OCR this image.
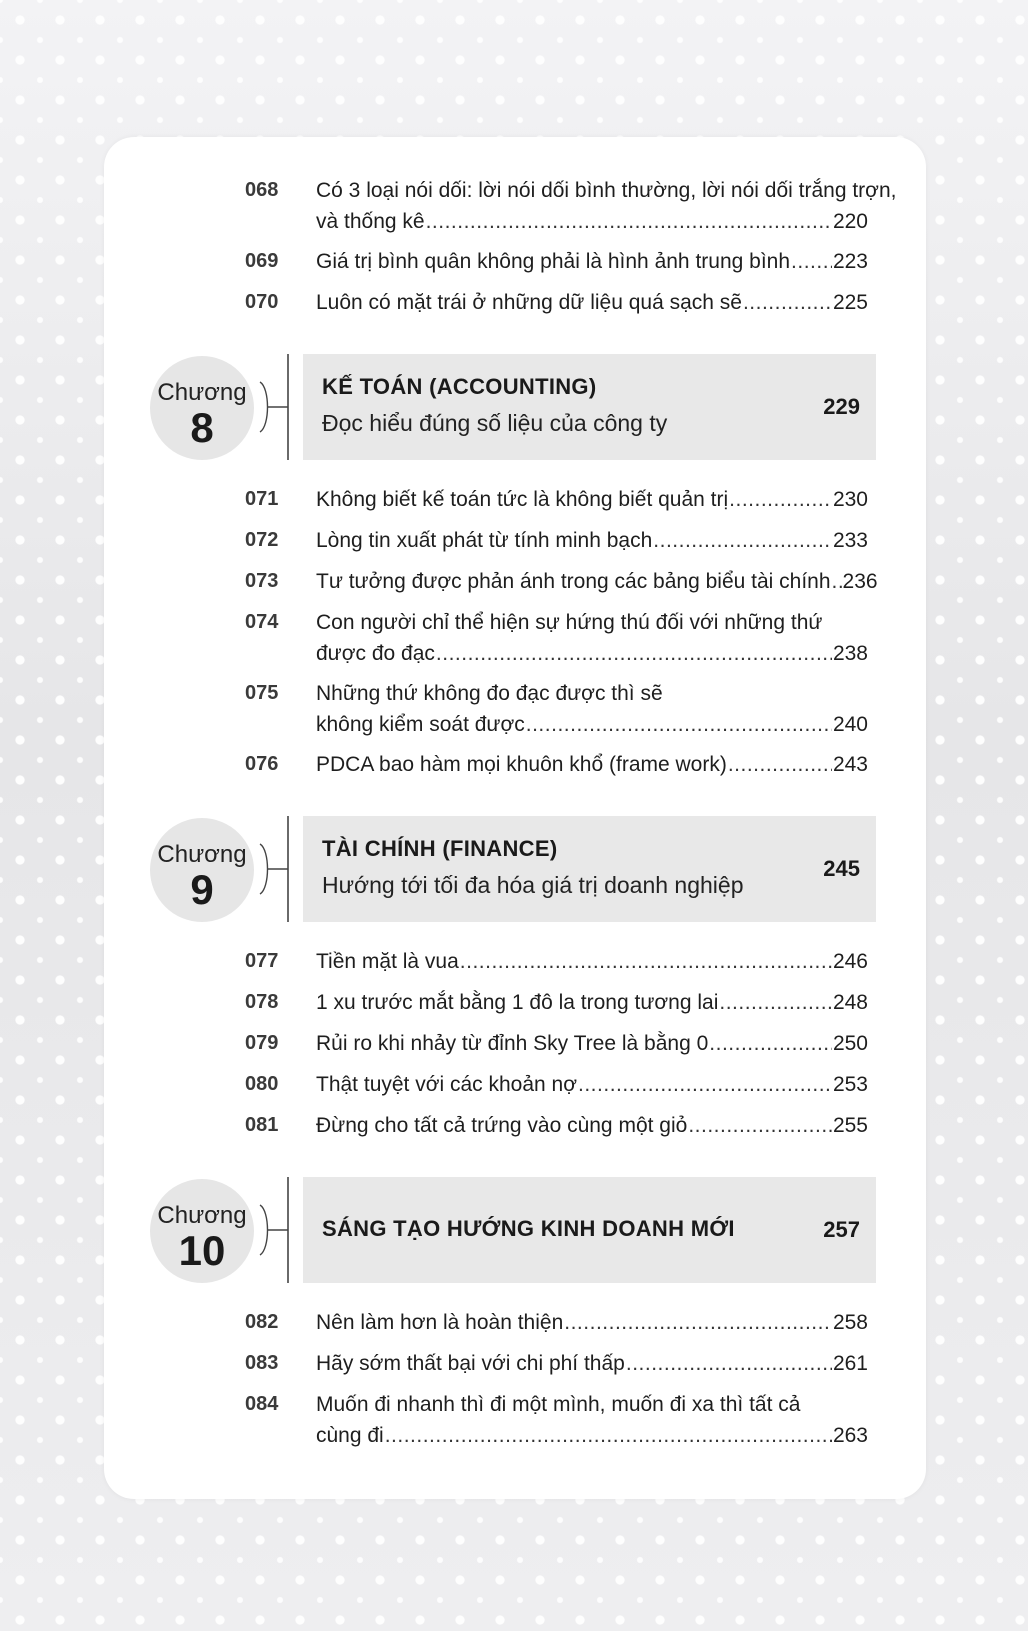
068	Có 3 loại nói dối: lời nói dối bình thường, lời nói dối trắng trợn,
và thống kê .....	220
069	Giá trị bình quân không phải là hình ảnh trung bình ..... 223
070	Luôn có mặt trái ở những dữ liệu quá sạch sẽ .....	225
Chương
8
KẾ TOÁN (ACCOUNTING)
Đọc hiểu đúng số liệu của công ty
229
071	Không biết kế toán tức là không biết quản trị .....	230
072	Lòng tin xuất phát từ tính minh bạch .....	233
073	Tư tưởng được phản ánh trong các bảng biểu tài chính ..... 236
074	Con người chỉ thể hiện sự hứng thú đối với những thứ
được đo đạc .....	238
075	Những thứ không đo đạc được thì sẽ
không kiểm soát được .....	240
076	PDCA bao hàm mọi khuôn khổ (frame work) .....	243
Chương
9
TÀI CHÍNH (FINANCE)
Hướng tới tối đa hóa giá trị doanh nghiệp
245
077	Tiền mặt là vua .....	246
078	1 xu trước mắt bằng 1 đô la trong tương lai .....	248
079	Rủi ro khi nhảy từ đỉnh Sky Tree là bằng 0 .....	250
080	Thật tuyệt với các khoản nợ .....	253
081	Đừng cho tất cả trứng vào cùng một giỏ .....	255
Chương
10	SÁNG TẠO HƯỚNG KINH DOANH MỚI	257
082	Nên làm hơn là hoàn thiện .....	258
083	Hãy sớm thất bại với chi phí thấp .....	261
084	Muốn đi nhanh thì đi một mình, muốn đi xa thì tất cả
cùng đi .....	263
